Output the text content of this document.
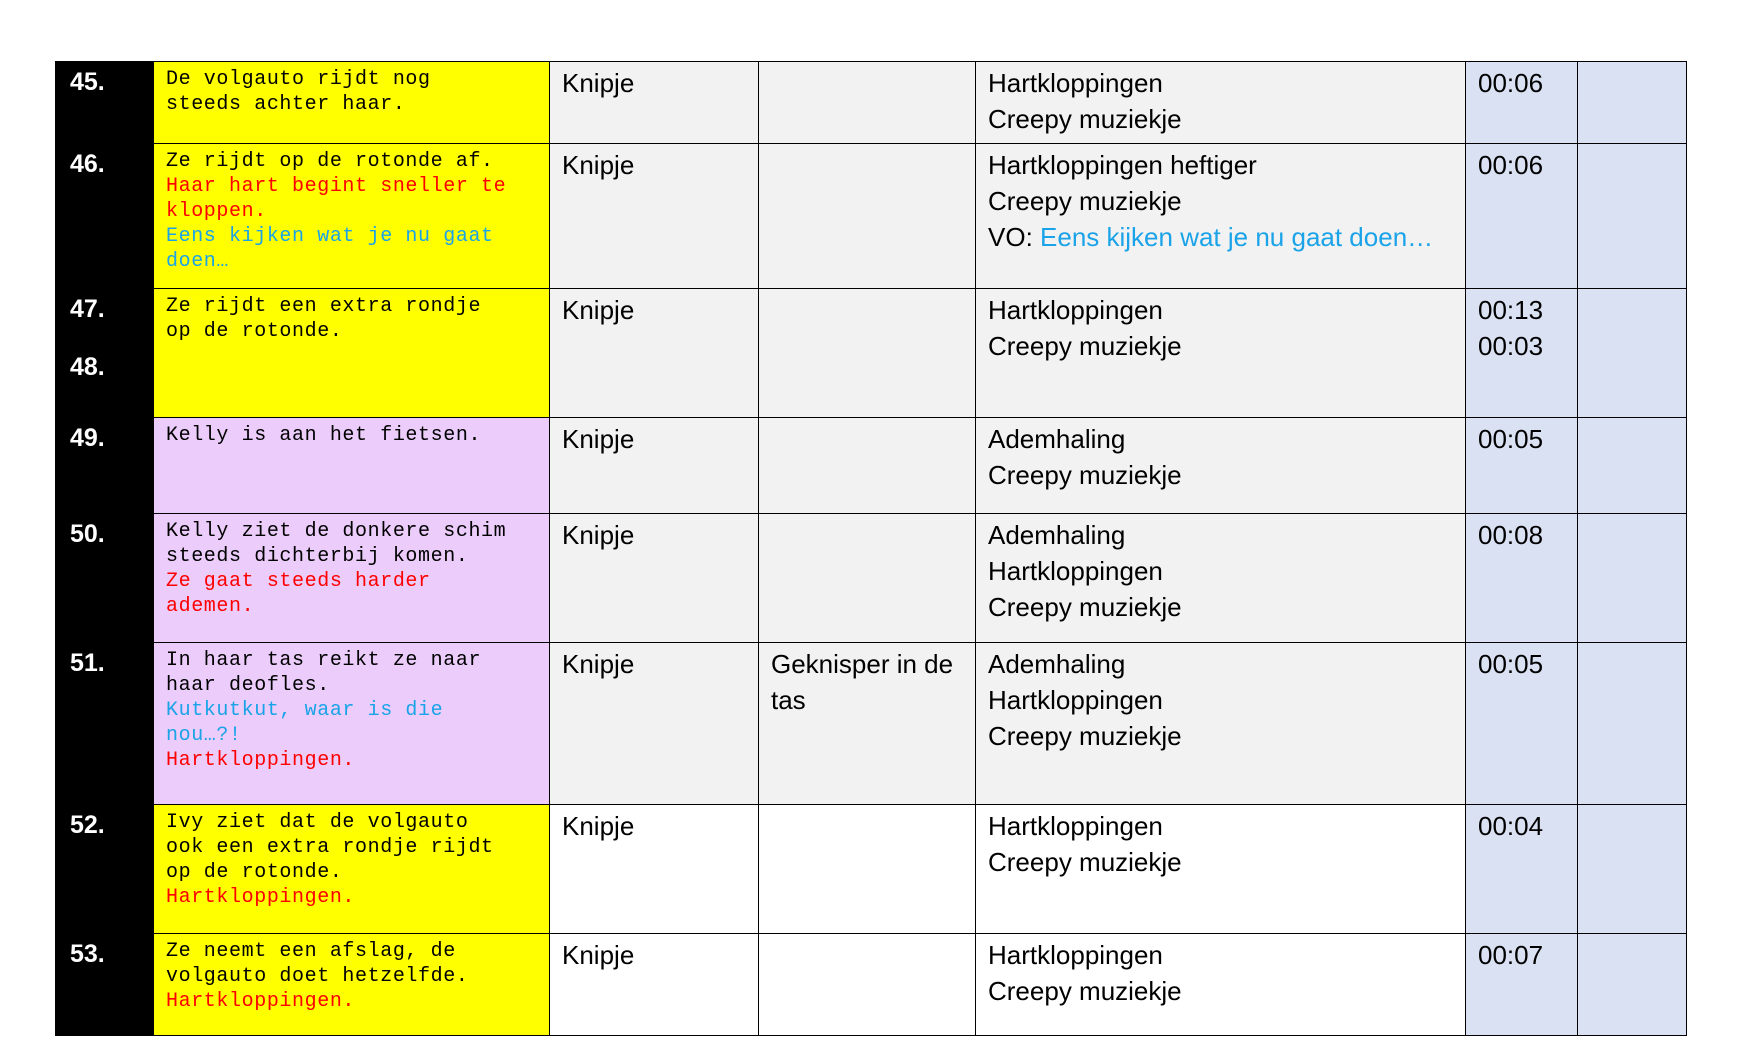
45.	De volgauto rijdt nog
steeds achter haar.	Knipje		Hartkloppingen
Creepy muziekje	00:06	

46.	Ze rijdt op de rotonde af.
Haar hart begint sneller te
kloppen.
Eens kijken wat je nu gaat
doen…	Knipje		Hartkloppingen heftiger
Creepy muziekje
VO: Eens kijken wat je nu gaat doen…	00:06	

47.
48.	Ze rijdt een extra rondje
op de rotonde.	Knipje		Hartkloppingen
Creepy muziekje	00:13
00:03	

49.	Kelly is aan het fietsen.	Knipje		Ademhaling
Creepy muziekje	00:05	

50.	Kelly ziet de donkere schim
steeds dichterbij komen.
Ze gaat steeds harder
ademen.	Knipje		Ademhaling
Hartkloppingen
Creepy muziekje	00:08	

51.	In haar tas reikt ze naar
haar deofles.
Kutkutkut, waar is die
nou…?!
Hartkloppingen.	Knipje	Geknisper in de tas	Ademhaling
Hartkloppingen
Creepy muziekje	00:05	

52.	Ivy ziet dat de volgauto
ook een extra rondje rijdt
op de rotonde.
Hartkloppingen.	Knipje		Hartkloppingen
Creepy muziekje	00:04	

53.	Ze neemt een afslag, de
volgauto doet hetzelfde.
Hartkloppingen.	Knipje		Hartkloppingen
Creepy muziekje	00:07	
